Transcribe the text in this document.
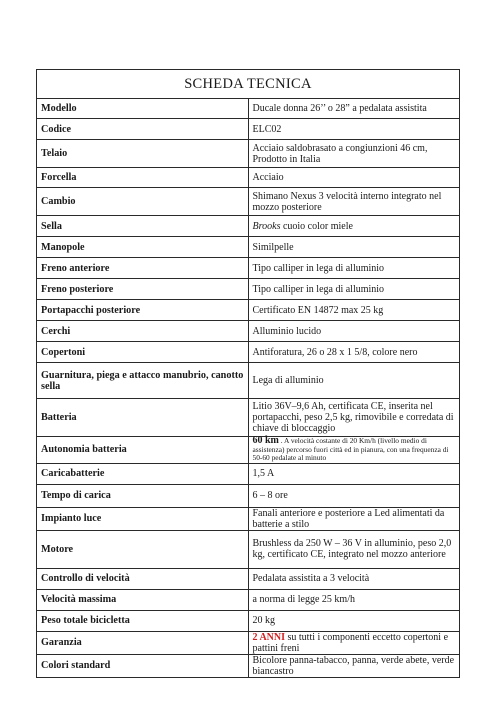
SCHEDA TECNICA	
Modello	Ducale donna 26’’ o 28” a pedalata assistita
Codice	ELC02
Telaio	Acciaio saldobrasato a congiunzioni 46 cm, Prodotto in Italia
Forcella	Acciaio
Cambio	Shimano Nexus 3 velocità interno integrato nel mozzo posteriore
Sella	Brooks cuoio color miele
Manopole	Similpelle
Freno anteriore	Tipo calliper in lega di alluminio
Freno posteriore	Tipo calliper in lega di alluminio
Portapacchi posteriore	Certificato EN 14872 max 25 kg
Cerchi	Alluminio lucido
Copertoni	Antiforatura, 26 o 28 x 1 5/8, colore nero
Guarnitura, piega e attacco manubrio, canotto sella	Lega di alluminio
Batteria	Litio 36V–9,6 Ah, certificata CE, inserita nel portapacchi, peso 2,5 kg, rimovibile e corredata di chiave di bloccaggio
Autonomia batteria	60 km . A velocità costante di 20 Km/h (livello medio di assistenza) percorso fuori città ed in pianura, con una frequenza di 50-60 pedalate al minuto
Caricabatterie	1,5 A
Tempo di carica	6 – 8 ore
Impianto luce	Fanali anteriore e posteriore a Led alimentati da batterie a stilo
Motore	Brushless da 250 W – 36 V in alluminio, peso 2,0 kg, certificato CE, integrato nel mozzo anteriore
Controllo di velocità	Pedalata assistita a 3 velocità
Velocità massima	a norma di legge 25 km/h
Peso totale bicicletta	20 kg
Garanzia	2 ANNI su tutti i componenti eccetto copertoni e pattini freni
Colori standard	Bicolore panna-tabacco, panna, verde abete, verde biancastro
